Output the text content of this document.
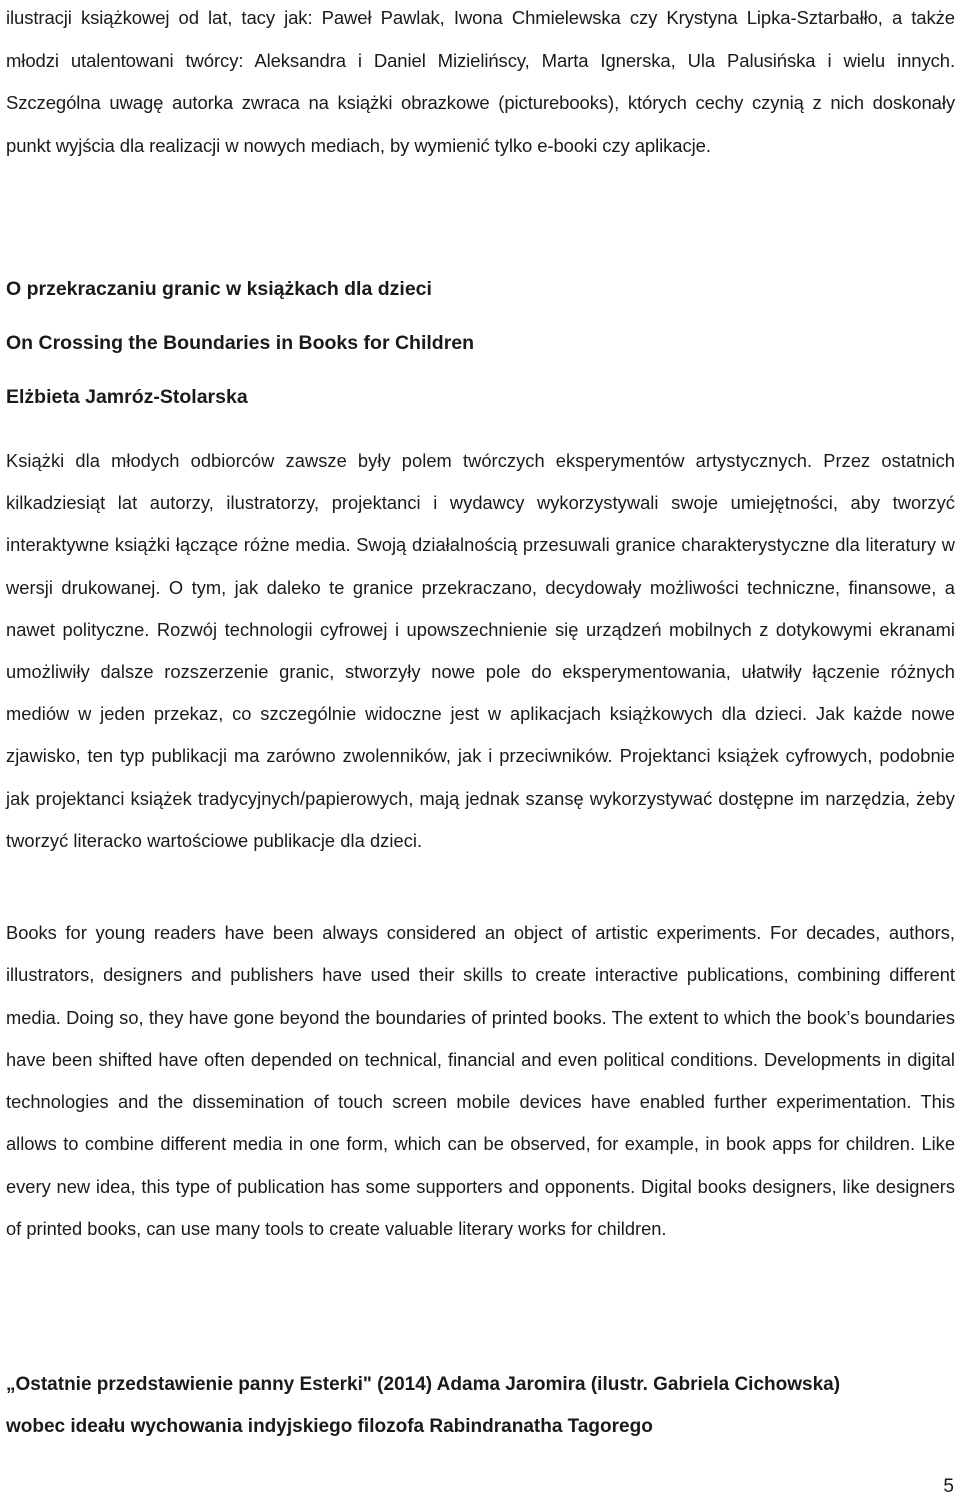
ilustracji książkowej od lat, tacy jak: Paweł Pawlak, Iwona Chmielewska czy Krystyna Lipka-Sztarbałło, a także młodzi utalentowani twórcy: Aleksandra i Daniel Mizielińscy, Marta Ignerska, Ula Palusińska i wielu innych. Szczególna uwagę autorka zwraca na książki obrazkowe (picturebooks), których cechy czynią z nich doskonały punkt wyjścia dla realizacji w nowych mediach, by wymienić tylko e-booki czy aplikacje.

O przekraczaniu granic w książkach dla dzieci
On Crossing the Boundaries in Books for Children
Elżbieta Jamróz-Stolarska

Książki dla młodych odbiorców zawsze były polem twórczych eksperymentów artystycznych. Przez ostatnich kilkadziesiąt lat autorzy, ilustratorzy, projektanci i wydawcy wykorzystywali swoje umiejętności, aby tworzyć interaktywne książki łączące różne media. Swoją działalnością przesuwali granice charakterystyczne dla literatury w wersji drukowanej. O tym, jak daleko te granice przekraczano, decydowały możliwości techniczne, finansowe, a nawet polityczne. Rozwój technologii cyfrowej i upowszechnienie się urządzeń mobilnych z dotykowymi ekranami umożliwiły dalsze rozszerzenie granic, stworzyły nowe pole do eksperymentowania, ułatwiły łączenie różnych mediów w jeden przekaz, co szczególnie widoczne jest w aplikacjach książkowych dla dzieci. Jak każde nowe zjawisko, ten typ publikacji ma zarówno zwolenników, jak i przeciwników. Projektanci książek cyfrowych, podobnie jak projektanci książek tradycyjnych/papierowych, mają jednak szansę wykorzystywać dostępne im narzędzia, żeby tworzyć literacko wartościowe publikacje dla dzieci.

Books for young readers have been always considered an object of artistic experiments. For decades, authors, illustrators, designers and publishers have used their skills to create interactive publications, combining different media. Doing so, they have gone beyond the boundaries of printed books. The extent to which the book’s boundaries have been shifted have often depended on technical, financial and even political conditions. Developments in digital technologies and the dissemination of touch screen mobile devices have enabled further experimentation. This allows to combine different media in one form, which can be observed, for example, in book apps for children. Like every new idea, this type of publication has some supporters and opponents. Digital books designers, like designers of printed books, can use many tools to create valuable literary works for children.

„Ostatnie przedstawienie panny Esterki" (2014) Adama Jaromira (ilustr. Gabriela Cichowska)
wobec ideału wychowania indyjskiego filozofa Rabindranatha Tagorego

5
